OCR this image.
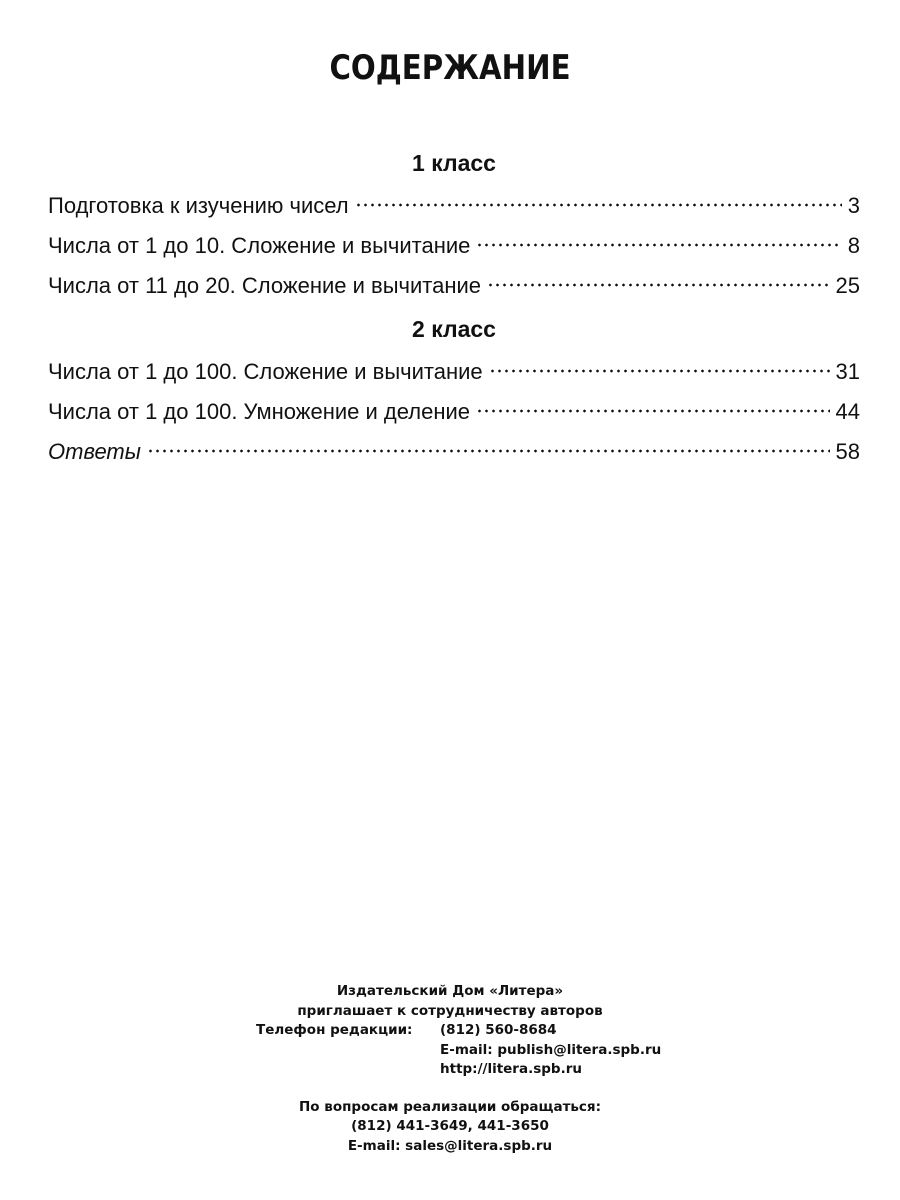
СОДЕРЖАНИЕ
1 класс
Подготовка к изучению чисел	3
Числа от 1 до 10. Сложение и вычитание	8
Числа от 11 до 20. Сложение и вычитание	25
2 класс
Числа от 1 до 100. Сложение и вычитание	31
Числа от 1 до 100. Умножение и деление	44
Ответы	58
Издательский Дом «Литера»
приглашает к сотрудничеству авторов
Телефон редакции: (812) 560-8684
E-mail: publish@litera.spb.ru
http://litera.spb.ru
По вопросам реализации обращаться:
(812) 441-3649, 441-3650
E-mail: sales@litera.spb.ru
